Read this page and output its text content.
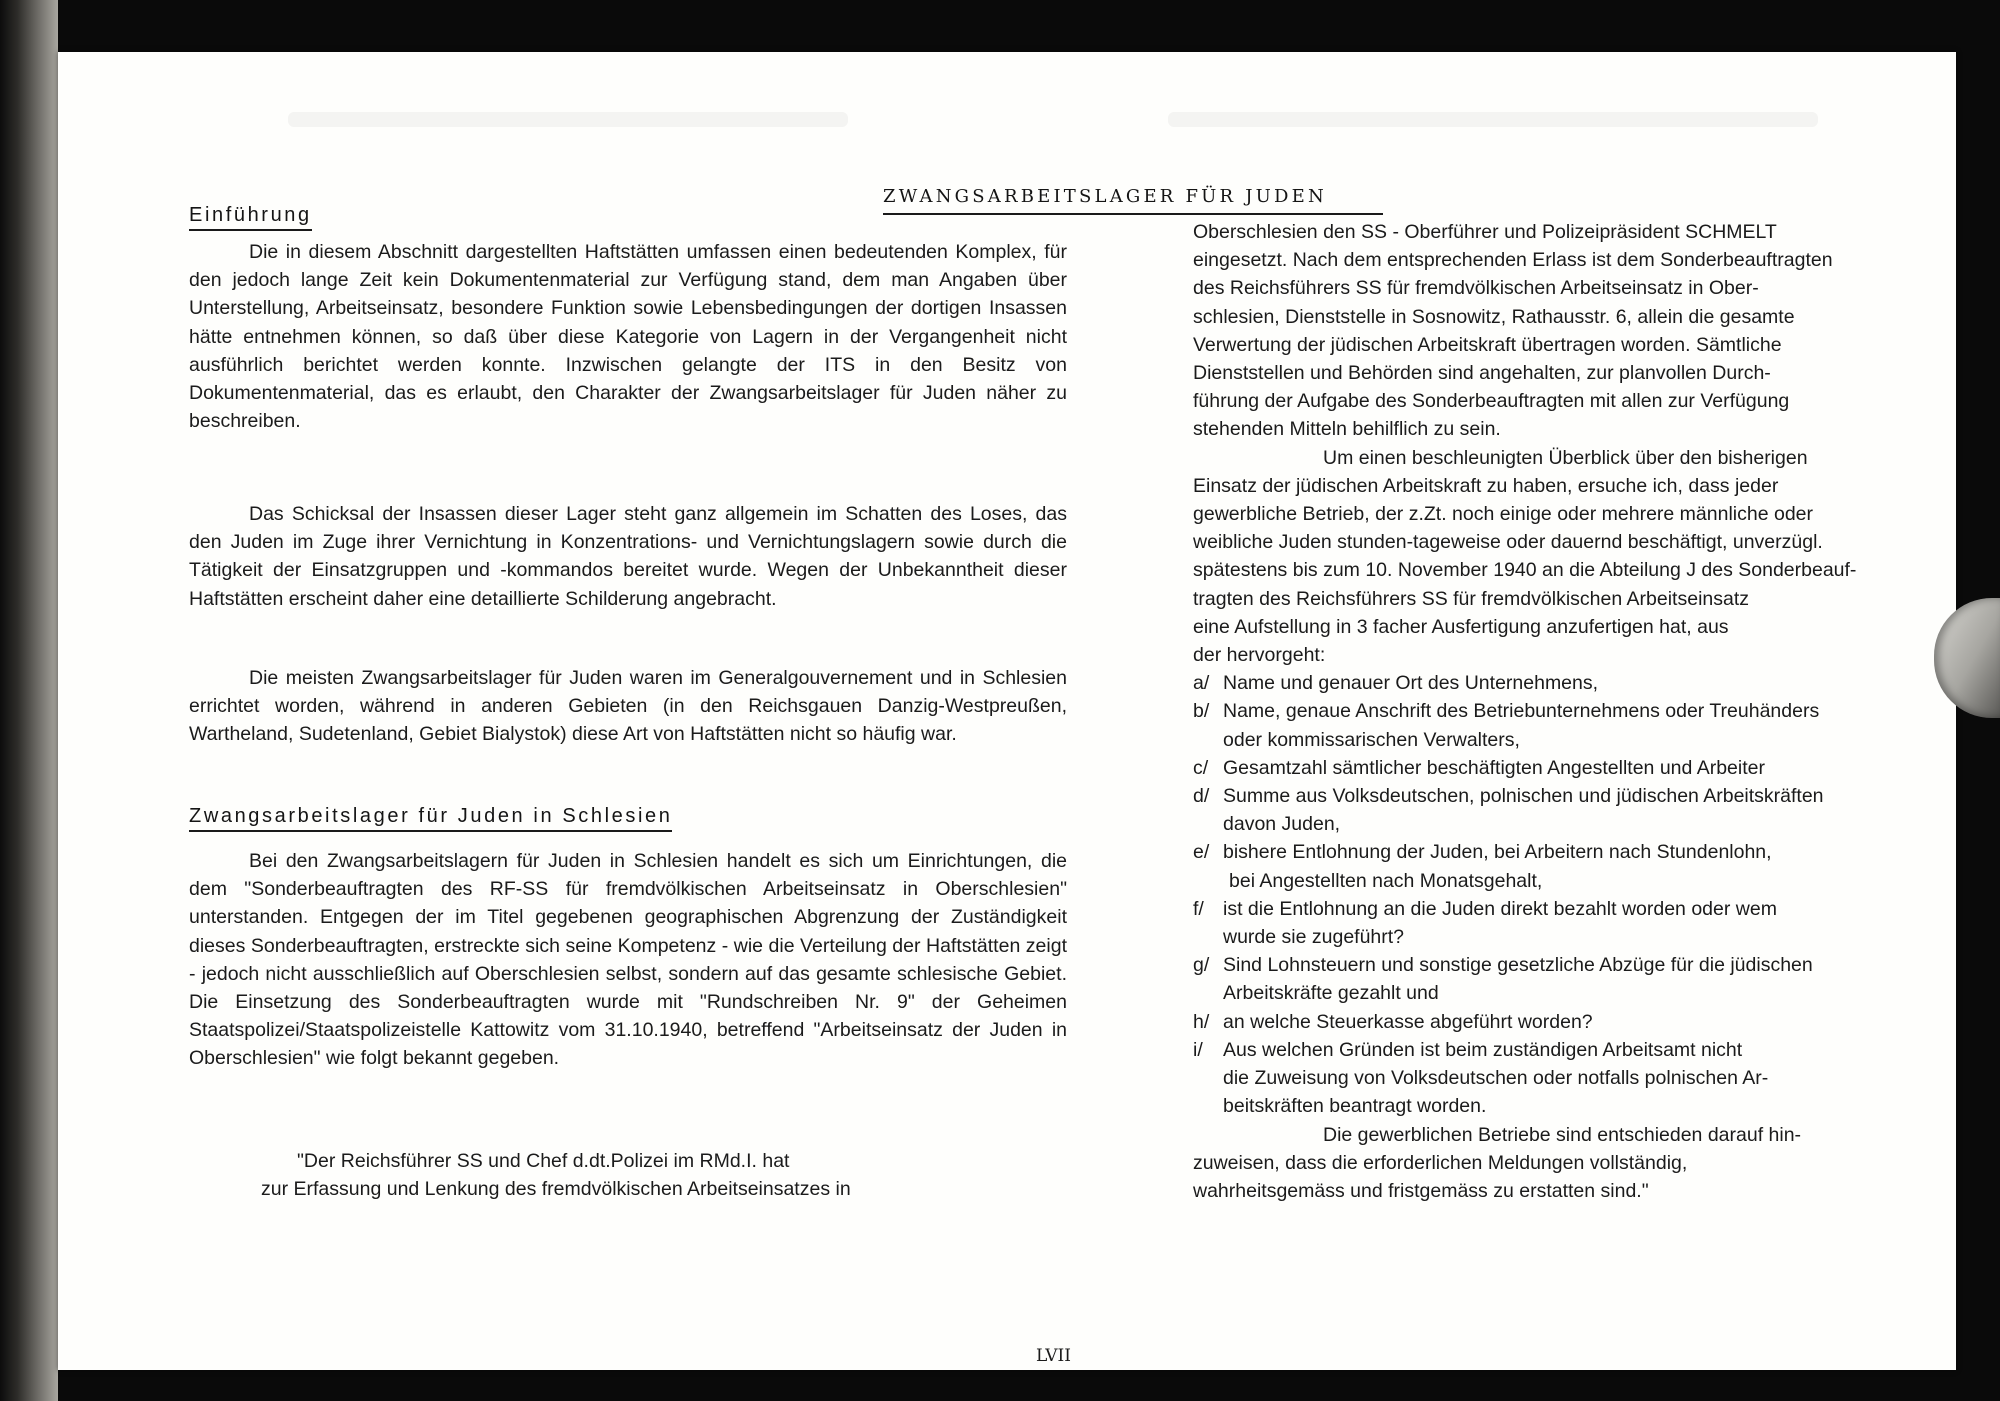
ZWANGSARBEITSLAGER FÜR JUDEN
Einführung

Die in diesem Abschnitt dargestellten Haftstätten umfassen einen bedeutenden Komplex, für den jedoch lange Zeit kein Dokumentenmaterial zur Verfügung stand, dem man Angaben über Unterstellung, Arbeitseinsatz, besondere Funktion sowie Lebensbedingungen der dortigen Insassen hätte entnehmen können, so daß über diese Kategorie von Lagern in der Vergangenheit nicht ausführlich berichtet werden konnte. Inzwischen gelangte der ITS in den Besitz von Dokumentenmaterial, das es erlaubt, den Charakter der Zwangsarbeitslager für Juden näher zu beschreiben.

Das Schicksal der Insassen dieser Lager steht ganz allgemein im Schatten des Loses, das den Juden im Zuge ihrer Vernichtung in Konzentrations- und Vernichtungslagern sowie durch die Tätigkeit der Einsatzgruppen und -kommandos bereitet wurde. Wegen der Unbekanntheit dieser Haftstätten erscheint daher eine detaillierte Schilderung angebracht.

Die meisten Zwangsarbeitslager für Juden waren im Generalgouvernement und in Schlesien errichtet worden, während in anderen Gebieten (in den Reichsgauen Danzig-Westpreußen, Wartheland, Sudetenland, Gebiet Bialystok) diese Art von Haftstätten nicht so häufig war.

Zwangsarbeitslager für Juden in Schlesien

Bei den Zwangsarbeitslagern für Juden in Schlesien handelt es sich um Einrichtungen, die dem "Sonderbeauftragten des RF-SS für fremdvölkischen Arbeitseinsatz in Oberschlesien" unterstanden. Entgegen der im Titel gegebenen geographischen Abgrenzung der Zuständigkeit dieses Sonderbeauftragten, erstreckte sich seine Kompetenz - wie die Verteilung der Haftstätten zeigt - jedoch nicht ausschließlich auf Oberschlesien selbst, sondern auf das gesamte schlesische Gebiet. Die Einsetzung des Sonderbeauftragten wurde mit "Rundschreiben Nr. 9" der Geheimen Staatspolizei/Staatspolizeistelle Kattowitz vom 31.10.1940, betreffend "Arbeitseinsatz der Juden in Oberschlesien" wie folgt bekannt gegeben.

"Der Reichsführer SS und Chef d.dt.Polizei im RMd.I. hat
zur Erfassung und Lenkung des fremdvölkischen Arbeitseinsatzes in
Oberschlesien den SS - Oberführer und Polizeipräsident SCHMELT
eingesetzt. Nach dem entsprechenden Erlass ist dem Sonderbeauftragten
des Reichsführers SS für fremdvölkischen Arbeitseinsatz in Ober-
schlesien, Dienststelle in Sosnowitz, Rathausstr. 6, allein die gesamte
Verwertung der jüdischen Arbeitskraft übertragen worden. Sämtliche
Dienststellen und Behörden sind angehalten, zur planvollen Durch-
führung der Aufgabe des Sonderbeauftragten mit allen zur Verfügung
stehenden Mitteln behilflich zu sein.
Um einen beschleunigten Überblick über den bisherigen
Einsatz der jüdischen Arbeitskraft zu haben, ersuche ich, dass jeder
gewerbliche Betrieb, der z.Zt. noch einige oder mehrere männliche oder
weibliche Juden stunden-tageweise oder dauernd beschäftigt, unverzügl.
spätestens bis zum 10. November 1940 an die Abteilung J des Sonderbeauf-
tragten des Reichsführers SS für fremdvölkischen Arbeitseinsatz
eine Aufstellung in 3 facher Ausfertigung anzufertigen hat, aus
der hervorgeht:
a/ Name und genauer Ort des Unternehmens,
b/ Name, genaue Anschrift des Betriebunternehmens oder Treuhänders
oder kommissarischen Verwalters,
c/ Gesamtzahl sämtlicher beschäftigten Angestellten und Arbeiter
d/ Summe aus Volksdeutschen, polnischen und jüdischen Arbeitskräften
davon Juden,
e/ bishere Entlohnung der Juden, bei Arbeitern nach Stundenlohn,
bei Angestellten nach Monatsgehalt,
f/ ist die Entlohnung an die Juden direkt bezahlt worden oder wem
wurde sie zugeführt?
g/ Sind Lohnsteuern und sonstige gesetzliche Abzüge für die jüdischen
Arbeitskräfte gezahlt und
h/ an welche Steuerkasse abgeführt worden?
i/	Aus welchen Gründen ist beim zuständigen Arbeitsamt nicht
die Zuweisung von Volksdeutschen oder notfalls polnischen Ar-
beitskräften beantragt worden.
Die gewerblichen Betriebe sind entschieden darauf hin-
zuweisen, dass die erforderlichen Meldungen vollständig,
wahrheitsgemäss und fristgemäss zu erstatten sind."
LVII
